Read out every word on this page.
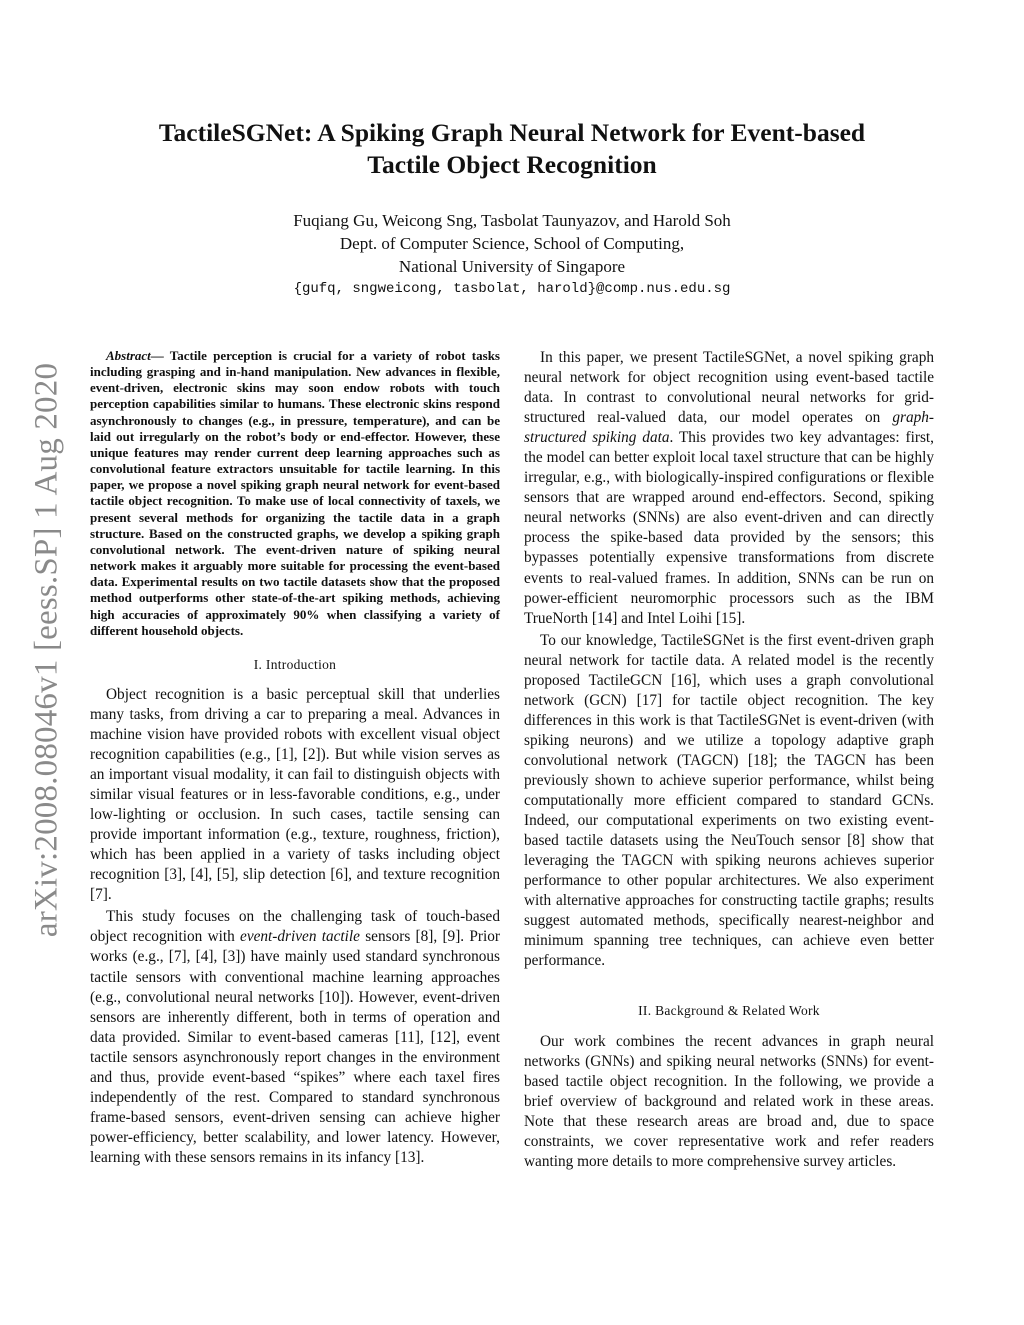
TactileSGNet: A Spiking Graph Neural Network for Event-based
Tactile Object Recognition
Fuqiang Gu, Weicong Sng, Tasbolat Taunyazov, and Harold Soh
Dept. of Computer Science, School of Computing,
National University of Singapore
{gufq, sngweicong, tasbolat, harold}@comp.nus.edu.sg
arXiv:2008.08046v1 [eess.SP] 1 Aug 2020

Abstract— Tactile perception is crucial for a variety of robot tasks including grasping and in-hand manipulation. New advances in flexible, event-driven, electronic skins may soon endow robots with touch perception capabilities similar to humans. These electronic skins respond asynchronously to changes (e.g., in pressure, temperature), and can be laid out irregularly on the robot’s body or end-effector. However, these unique features may render current deep learning approaches such as convolutional feature extractors unsuitable for tactile learning. In this paper, we propose a novel spiking graph neural network for event-based tactile object recognition. To make use of local connectivity of taxels, we present several methods for organizing the tactile data in a graph structure. Based on the constructed graphs, we develop a spiking graph convolutional network. The event-driven nature of spiking neural network makes it arguably more suitable for processing the event-based data. Experimental results on two tactile datasets show that the proposed method outperforms other state-of-the-art spiking methods, achieving high accuracies of approximately 90% when classifying a variety of different household objects.

I. Introduction

Object recognition is a basic perceptual skill that underlies many tasks, from driving a car to preparing a meal. Advances in machine vision have provided robots with excellent visual object recognition capabilities (e.g., [1], [2]). But while vision serves as an important visual modality, it can fail to distinguish objects with similar visual features or in less-favorable conditions, e.g., under low-lighting or occlusion. In such cases, tactile sensing can provide important information (e.g., texture, roughness, friction), which has been applied in a variety of tasks including object recognition [3], [4], [5], slip detection [6], and texture recognition [7].

This study focuses on the challenging task of touch-based object recognition with event-driven tactile sensors [8], [9]. Prior works (e.g., [7], [4], [3]) have mainly used standard synchronous tactile sensors with conventional machine learning approaches (e.g., convolutional neural networks [10]). However, event-driven sensors are inherently different, both in terms of operation and data provided. Similar to event-based cameras [11], [12], event tactile sensors asynchronously report changes in the environment and thus, provide event-based “spikes” where each taxel fires independently of the rest. Compared to standard synchronous frame-based sensors, event-driven sensing can achieve higher power-efficiency, better scalability, and lower latency. However, learning with these sensors remains in its infancy [13].

In this paper, we present TactileSGNet, a novel spiking graph neural network for object recognition using event-based tactile data. In contrast to convolutional neural networks for grid-structured real-valued data, our model operates on graph-structured spiking data. This provides two key advantages: first, the model can better exploit local taxel structure that can be highly irregular, e.g., with biologically-inspired configurations or flexible sensors that are wrapped around end-effectors. Second, spiking neural networks (SNNs) are also event-driven and can directly process the spike-based data provided by the sensors; this bypasses potentially expensive transformations from discrete events to real-valued frames. In addition, SNNs can be run on power-efficient neuromorphic processors such as the IBM TrueNorth [14] and Intel Loihi [15].

To our knowledge, TactileSGNet is the first event-driven graph neural network for tactile data. A related model is the recently proposed TactileGCN [16], which uses a graph convolutional network (GCN) [17] for tactile object recognition. The key differences in this work is that TactileSGNet is event-driven (with spiking neurons) and we utilize a topology adaptive graph convolutional network (TAGCN) [18]; the TAGCN has been previously shown to achieve superior performance, whilst being computationally more efficient compared to standard GCNs. Indeed, our computational experiments on two existing event-based tactile datasets using the NeuTouch sensor [8] show that leveraging the TAGCN with spiking neurons achieves superior performance to other popular architectures. We also experiment with alternative approaches for constructing tactile graphs; results suggest automated methods, specifically nearest-neighbor and minimum spanning tree techniques, can achieve even better performance.

II. Background & Related Work

Our work combines the recent advances in graph neural networks (GNNs) and spiking neural networks (SNNs) for event-based tactile object recognition. In the following, we provide a brief overview of background and related work in these areas. Note that these research areas are broad and, due to space constraints, we cover representative work and refer readers wanting more details to more comprehensive survey articles.
